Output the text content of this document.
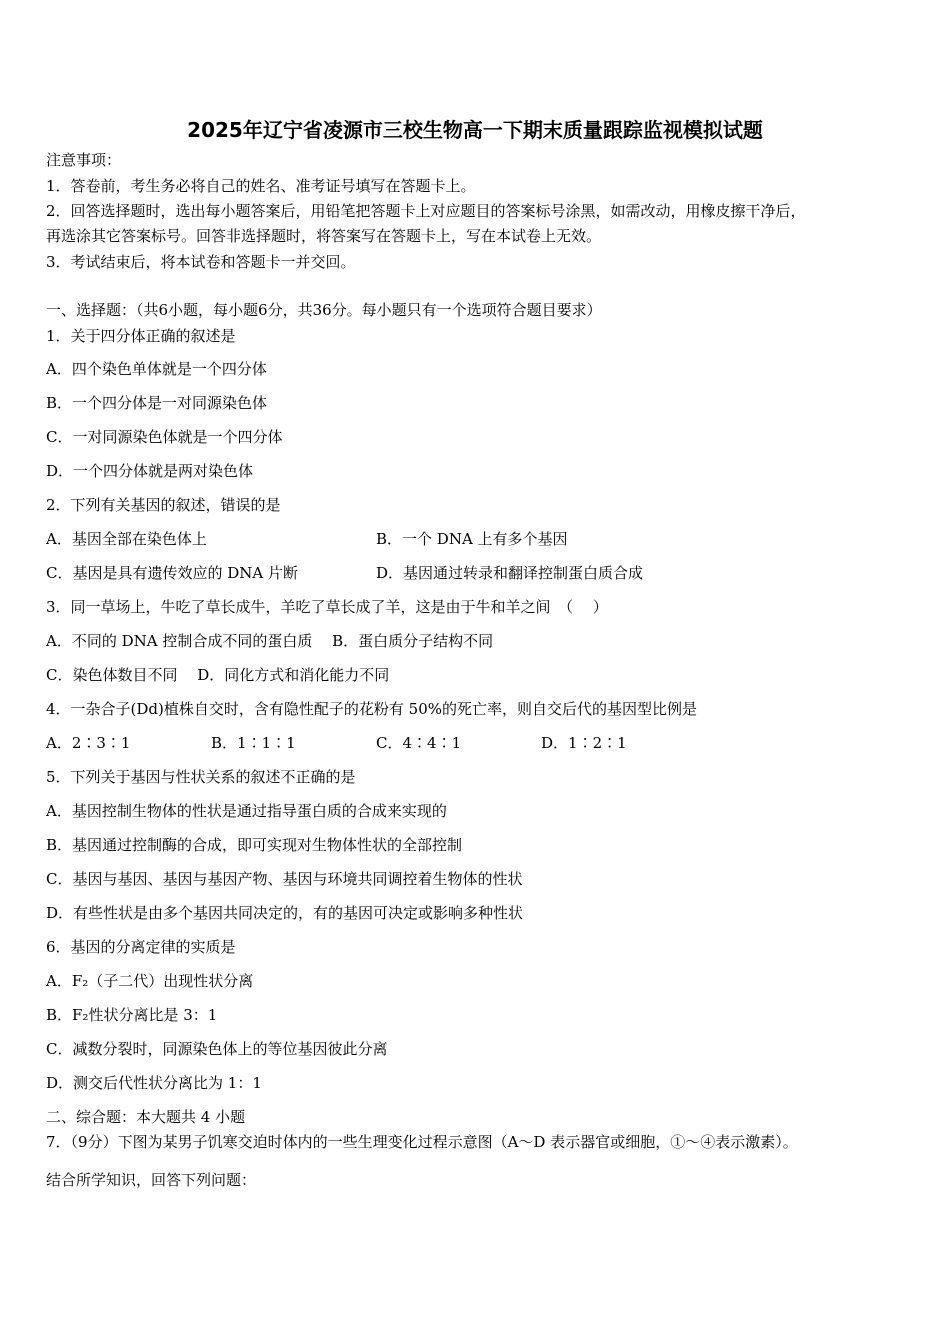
2025年辽宁省凌源市三校生物高一下期末质量跟踪监视模拟试题
注意事项：
1．答卷前，考生务必将自己的姓名、准考证号填写在答题卡上。
2．回答选择题时，选出每小题答案后，用铅笔把答题卡上对应题目的答案标号涂黑，如需改动，用橡皮擦干净后，
再选涂其它答案标号。回答非选择题时，将答案写在答题卡上，写在本试卷上无效。
3．考试结束后，将本试卷和答题卡一并交回。
一、选择题：（共6小题，每小题6分，共36分。每小题只有一个选项符合题目要求）
1．关于四分体正确的叙述是
A．四个染色单体就是一个四分体
B．一个四分体是一对同源染色体
C．一对同源染色体就是一个四分体
D．一个四分体就是两对染色体
2．下列有关基因的叙述，错误的是
A．基因全部在染色体上	B．一个 DNA 上有多个基因
C．基因是具有遗传效应的 DNA 片断	D．基因通过转录和翻译控制蛋白质合成
3．同一草场上，牛吃了草长成牛，羊吃了草长成了羊，这是由于牛和羊之间　（　 ）
A．不同的 DNA 控制合成不同的蛋白质　 B．蛋白质分子结构不同
C．染色体数目不同　 D．同化方式和消化能力不同
4．一杂合子(Dd)植株自交时，含有隐性配子的花粉有 50%的死亡率，则自交后代的基因型比例是
A．2∶3∶1	B．1∶1∶1	C．4∶4∶1	D．1∶2∶1
5．下列关于基因与性状关系的叙述不正确的是
A．基因控制生物体的性状是通过指导蛋白质的合成来实现的
B．基因通过控制酶的合成，即可实现对生物体性状的全部控制
C．基因与基因、基因与基因产物、基因与环境共同调控着生物体的性状
D．有些性状是由多个基因共同决定的，有的基因可决定或影响多种性状
6．基因的分离定律的实质是
A．F₂（子二代）出现性状分离
B．F₂性状分离比是 3：1
C．减数分裂时，同源染色体上的等位基因彼此分离
D．测交后代性状分离比为 1：1
二、综合题：本大题共 4 小题
7．（9分）下图为某男子饥寒交迫时体内的一些生理变化过程示意图（A～D 表示器官或细胞，①～④表示激素）。
结合所学知识，回答下列问题：
